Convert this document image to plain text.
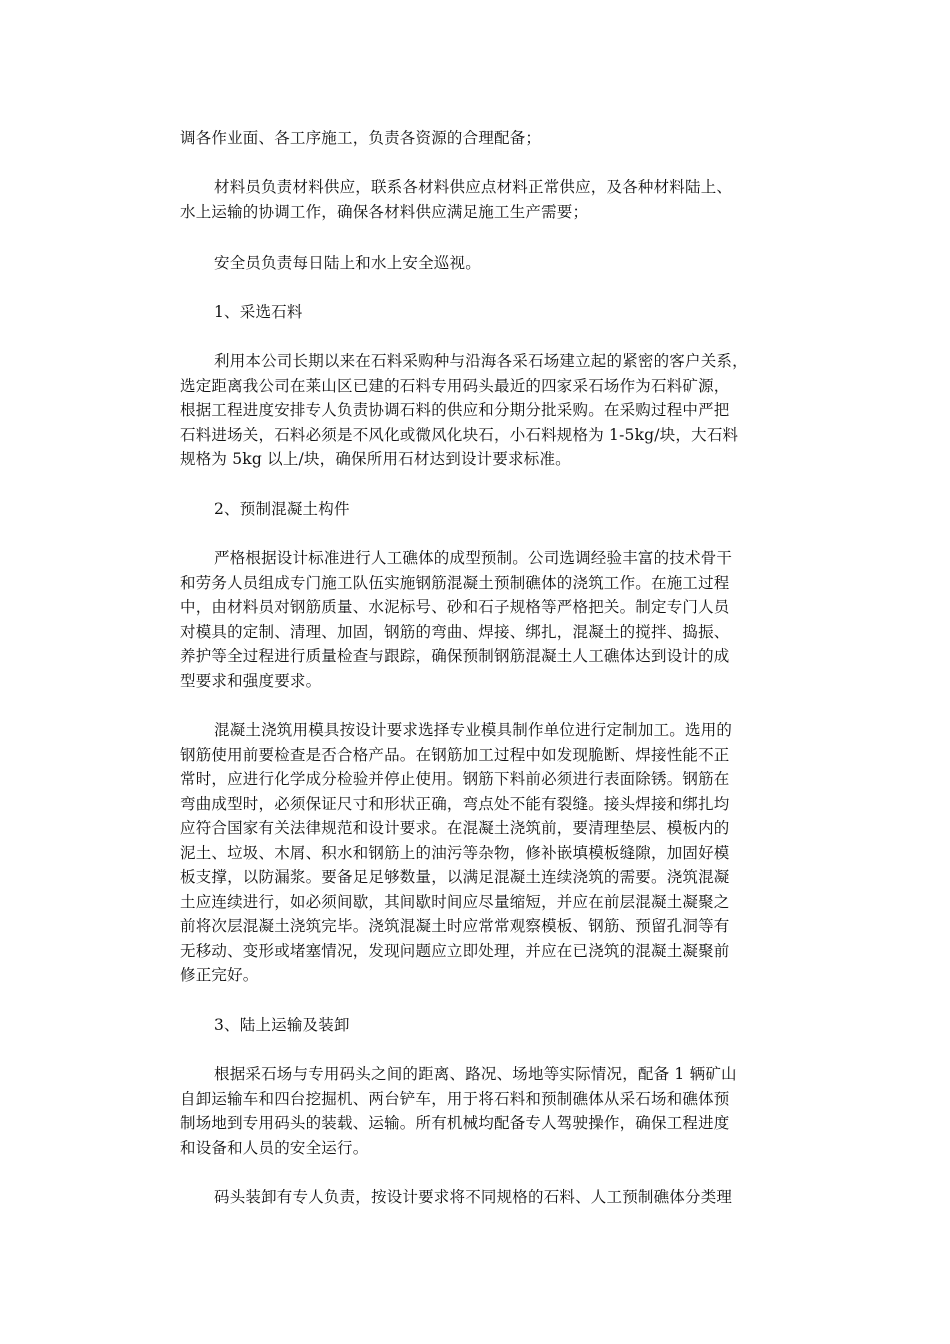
调各作业面、各工序施工，负责各资源的合理配备；
材料员负责材料供应，联系各材料供应点材料正常供应，及各种材料陆上、
水上运输的协调工作，确保各材料供应满足施工生产需要；
安全员负责每日陆上和水上安全巡视。
1、采选石料
利用本公司长期以来在石料采购种与沿海各采石场建立起的紧密的客户关系，
选定距离我公司在莱山区已建的石料专用码头最近的四家采石场作为石料矿源，
根据工程进度安排专人负责协调石料的供应和分期分批采购。在采购过程中严把
石料进场关，石料必须是不风化或微风化块石，小石料规格为 1-5kg/块，大石料
规格为 5kg 以上/块，确保所用石材达到设计要求标准。
2、预制混凝土构件
严格根据设计标准进行人工礁体的成型预制。公司选调经验丰富的技术骨干
和劳务人员组成专门施工队伍实施钢筋混凝土预制礁体的浇筑工作。在施工过程
中，由材料员对钢筋质量、水泥标号、砂和石子规格等严格把关。制定专门人员
对模具的定制、清理、加固，钢筋的弯曲、焊接、绑扎，混凝土的搅拌、捣振、
养护等全过程进行质量检查与跟踪，确保预制钢筋混凝土人工礁体达到设计的成
型要求和强度要求。
混凝土浇筑用模具按设计要求选择专业模具制作单位进行定制加工。选用的
钢筋使用前要检查是否合格产品。在钢筋加工过程中如发现脆断、焊接性能不正
常时，应进行化学成分检验并停止使用。钢筋下料前必须进行表面除锈。钢筋在
弯曲成型时，必须保证尺寸和形状正确，弯点处不能有裂缝。接头焊接和绑扎均
应符合国家有关法律规范和设计要求。在混凝土浇筑前，要清理垫层、模板内的
泥土、垃圾、木屑、积水和钢筋上的油污等杂物，修补嵌填模板缝隙，加固好模
板支撑，以防漏浆。要备足足够数量，以满足混凝土连续浇筑的需要。浇筑混凝
土应连续进行，如必须间歇，其间歇时间应尽量缩短，并应在前层混凝土凝聚之
前将次层混凝土浇筑完毕。浇筑混凝土时应常常观察模板、钢筋、预留孔洞等有
无移动、变形或堵塞情况，发现问题应立即处理，并应在已浇筑的混凝土凝聚前
修正完好。
3、陆上运输及装卸
根据采石场与专用码头之间的距离、路况、场地等实际情况，配备 1 辆矿山
自卸运输车和四台挖掘机、两台铲车，用于将石料和预制礁体从采石场和礁体预
制场地到专用码头的装载、运输。所有机械均配备专人驾驶操作，确保工程进度
和设备和人员的安全运行。
码头装卸有专人负责，按设计要求将不同规格的石料、人工预制礁体分类理
